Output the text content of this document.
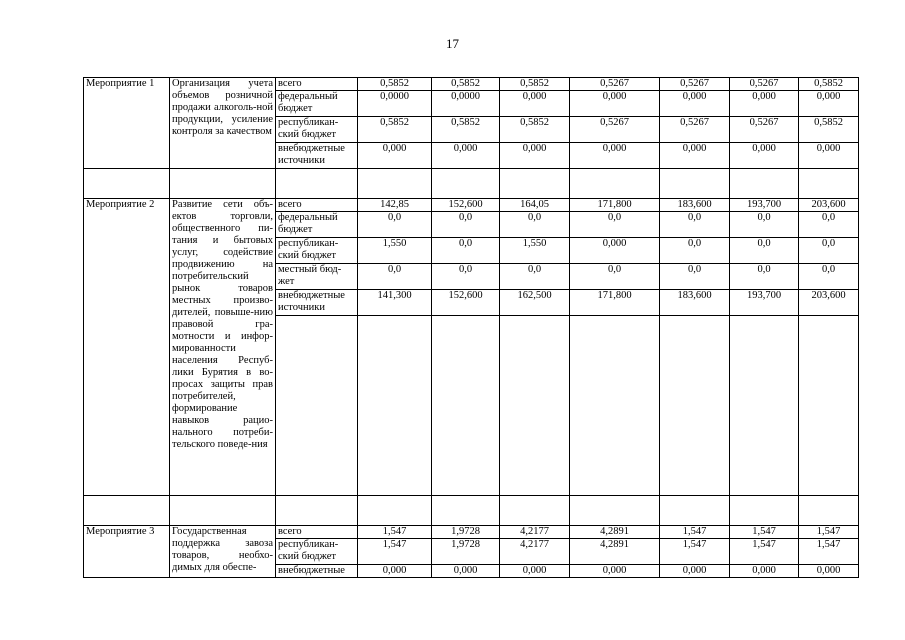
17
Мероприятие 1	Организация учета объемов розничной продажи алкоголь-ной продукции, усиление контроля за качеством	всего	0,5852	0,5852	0,5852	0,5267	0,5267	0,5267	0,5852
		федеральный бюджет	0,0000	0,0000	0,000	0,000	0,000	0,000	0,000
		республикан-ский бюджет	0,5852	0,5852	0,5852	0,5267	0,5267	0,5267	0,5852
		внебюджетные источники	0,000	0,000	0,000	0,000	0,000	0,000	0,000

Мероприятие 2	Развитие сети объ-ектов торговли, общественного пи-тания и бытовых услуг, содействие продвижению на потребительский рынок товаров местных произво-дителей, повыше-нию правовой гра-мотности и инфор-мированности населения Респуб-лики Бурятия в во-просах защиты прав потребителей, формирование навыков рацио-нального потреби-тельского поведе-ния	всего	142,85	152,600	164,05	171,800	183,600	193,700	203,600
		федеральный бюджет	0,0	0,0	0,0	0,0	0,0	0,0	0,0
		республикан-ский бюджет	1,550	0,0	1,550	0,000	0,0	0,0	0,0
		местный бюд-жет	0,0	0,0	0,0	0,0	0,0	0,0	0,0
		внебюджетные источники	141,300	152,600	162,500	171,800	183,600	193,700	203,600

Мероприятие 3	Государственная поддержка завоза товаров, необхо-димых для обеспе-	всего	1,547	1,9728	4,2177	4,2891	1,547	1,547	1,547
		республикан-ский бюджет	1,547	1,9728	4,2177	4,2891	1,547	1,547	1,547
		внебюджетные	0,000	0,000	0,000	0,000	0,000	0,000	0,000
